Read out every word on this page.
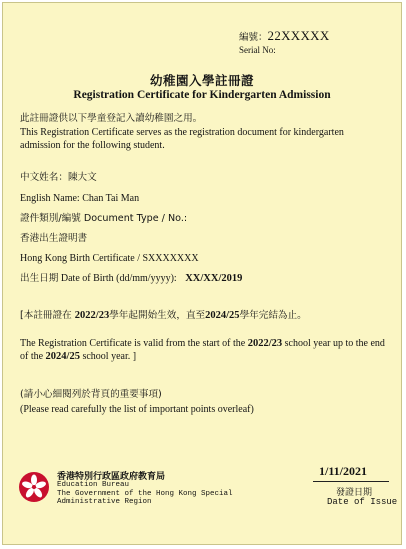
編號：22XXXXX
Serial No:
幼稚園入學註冊證
Registration Certificate for Kindergarten Admission
此註冊證供以下學童登記入讀幼稚園之用。
This Registration Certificate serves as the registration document for kindergarten admission for the following student.
中文姓名：陳大文
English Name: Chan Tai Man
證件類別/編號 Document Type / No.:
香港出生證明書
Hong Kong Birth Certificate / SXXXXXXX
出生日期 Date of Birth (dd/mm/yyyy): XX/XX/2019
[本註冊證在 2022/23學年起開始生效，直至2024/25學年完結為止。
The Registration Certificate is valid from the start of the 2022/23 school year up to the end of the 2024/25 school year. ]
(請小心細閱列於背頁的重要事項)
(Please read carefully the list of important points overleaf)
香港特別行政區政府教育局
Education Bureau
The Government of the Hong Kong Special Administrative Region
1/11/2021
發證日期
Date of Issue
